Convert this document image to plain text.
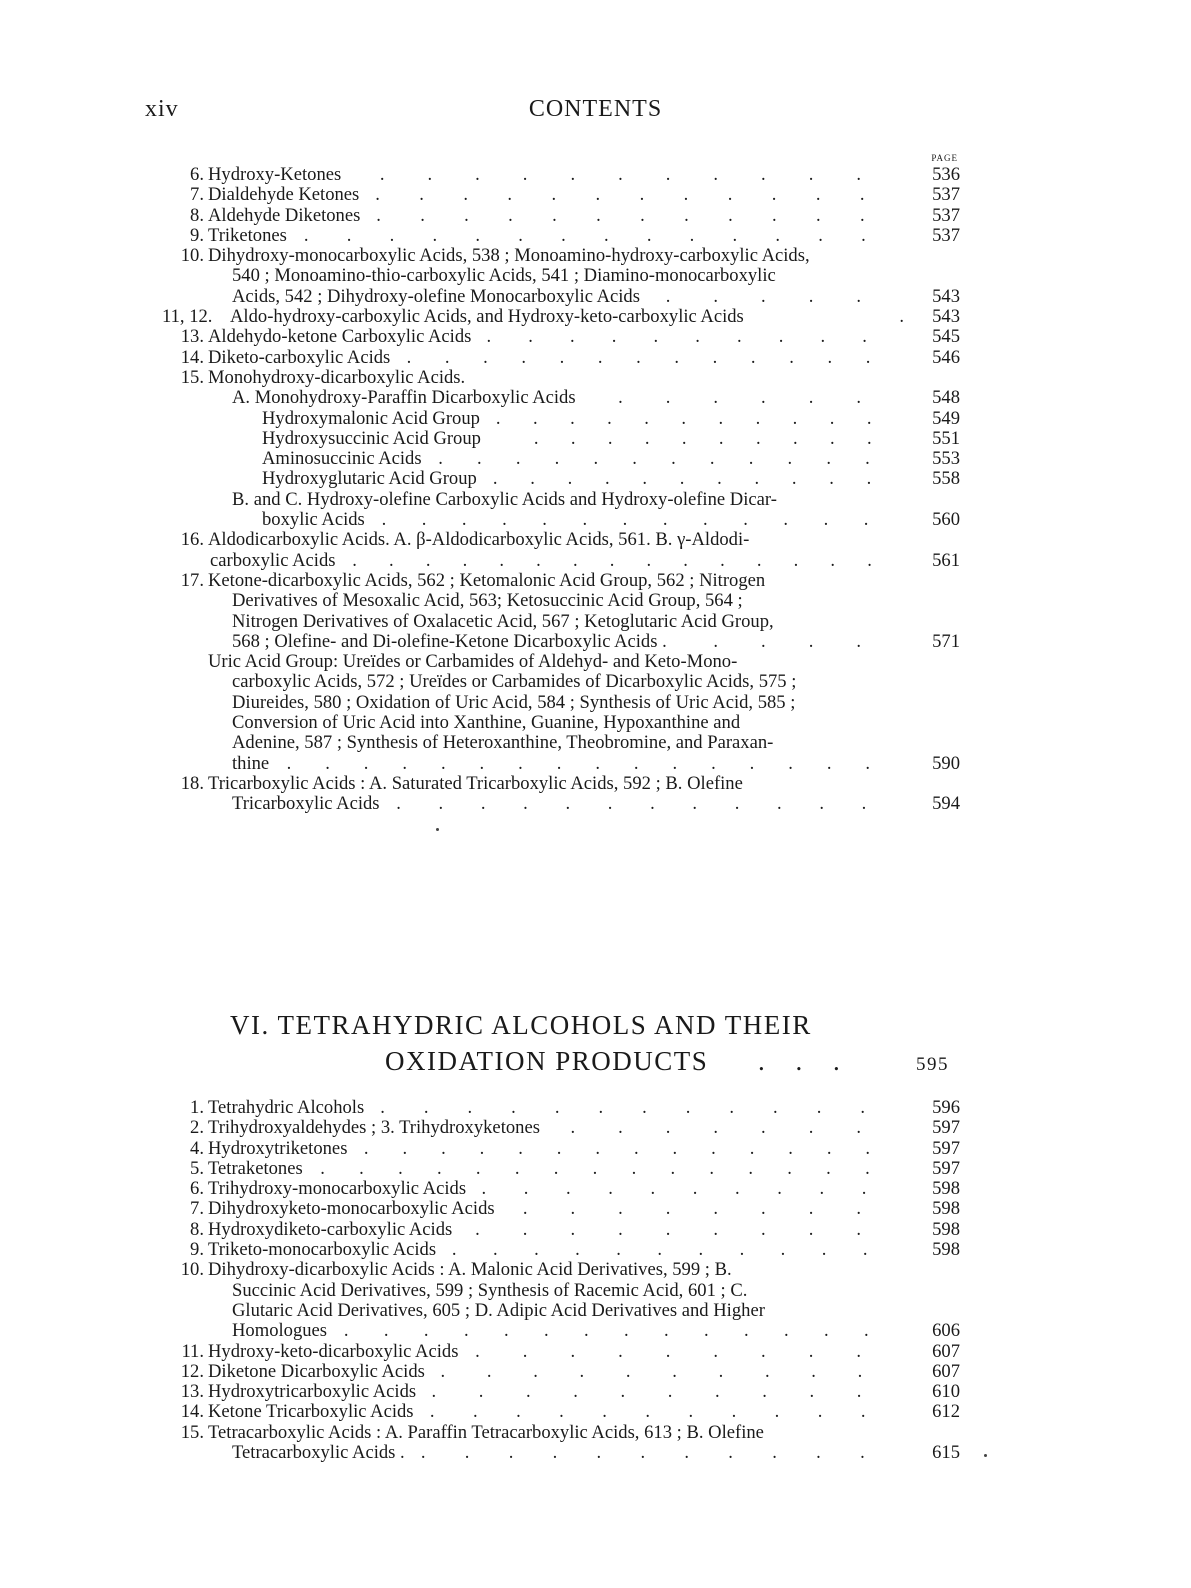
xiv	CONTENTS
PAGE
6. Hydroxy-Ketones ...........	536
7. Dialdehyde Ketones ............	537
8. Aldehyde Diketones ............	537
9. Triketones ..............	537
10. Dihydroxy-monocarboxylic Acids, 538 ; Monoamino-hydroxy-carboxylic Acids,
540 ; Monoamino-thio-carboxylic Acids, 541 ; Diamino-monocarboxylic
Acids, 542 ; Dihydroxy-olefine Monocarboxylic Acids .....	543
11, 12. Aldo-hydroxy-carboxylic Acids, and Hydroxy-keto-carboxylic Acids	.	543
13. Aldehydo-ketone Carboxylic Acids ..........	545
14. Diketo-carboxylic Acids .............	546
15. Monohydroxy-dicarboxylic Acids.
A. Monohydroxy-Paraffin Dicarboxylic Acids ......	548
Hydroxymalonic Acid Group ...........	549
Hydroxysuccinic Acid Group	..........	551
Aminosuccinic Acids ............	553
Hydroxyglutaric Acid Group ...........	558
B. and C. Hydroxy-olefine Carboxylic Acids and Hydroxy-olefine Dicar-
boxylic Acids .............	560
16. Aldodicarboxylic Acids. A. β-Aldodicarboxylic Acids, 561. B. γ-Aldodi-
carboxylic Acids ...............	561
17. Ketone-dicarboxylic Acids, 562 ; Ketomalonic Acid Group, 562 ; Nitrogen
Derivatives of Mesoxalic Acid, 563; Ketosuccinic Acid Group, 564 ;
Nitrogen Derivatives of Oxalacetic Acid, 567 ; Ketoglutaric Acid Group,
568 ; Olefine- and Di-olefine-Ketone Dicarboxylic Acids .	....	571
Uric Acid Group: Ureïdes or Carbamides of Aldehyd- and Keto-Mono-
carboxylic Acids, 572 ; Ureïdes or Carbamides of Dicarboxylic Acids, 575 ;
Diureides, 580 ; Oxidation of Uric Acid, 584 ; Synthesis of Uric Acid, 585 ;
Conversion of Uric Acid into Xanthine, Guanine, Hypoxanthine and
Adenine, 587 ; Synthesis of Heteroxanthine, Theobromine, and Paraxan-
thine ................	590
18. Tricarboxylic Acids : A. Saturated Tricarboxylic Acids, 592 ; B. Olefine
Tricarboxylic Acids ............	594
VI. TETRAHYDRIC ALCOHOLS AND THEIR
OXIDATION PRODUCTS . . .	595
1. Tetrahydric Alcohols ............	596
2. Trihydroxyaldehydes ; 3. Trihydroxyketones .......	597
4. Hydroxytriketones ..............	597
5. Tetraketones ...............	597
6. Trihydroxy-monocarboxylic Acids ..........	598
7. Dihydroxyketo-monocarboxylic Acids ........	598
8. Hydroxydiketo-carboxylic Acids .........	598
9. Triketo-monocarboxylic Acids ...........	598
10. Dihydroxy-dicarboxylic Acids : A. Malonic Acid Derivatives, 599 ; B.
Succinic Acid Derivatives, 599 ; Synthesis of Racemic Acid, 601 ; C.
Glutaric Acid Derivatives, 605 ; D. Adipic Acid Derivatives and Higher
Homologues ..............	606
11. Hydroxy-keto-dicarboxylic Acids .........	607
12. Diketone Dicarboxylic Acids ..........	607
13. Hydroxytricarboxylic Acids ..........	610
14. Ketone Tricarboxylic Acids ...........	612
15. Tetracarboxylic Acids : A. Paraffin Tetracarboxylic Acids, 613 ; B. Olefine
Tetracarboxylic Acids . ...........	615
